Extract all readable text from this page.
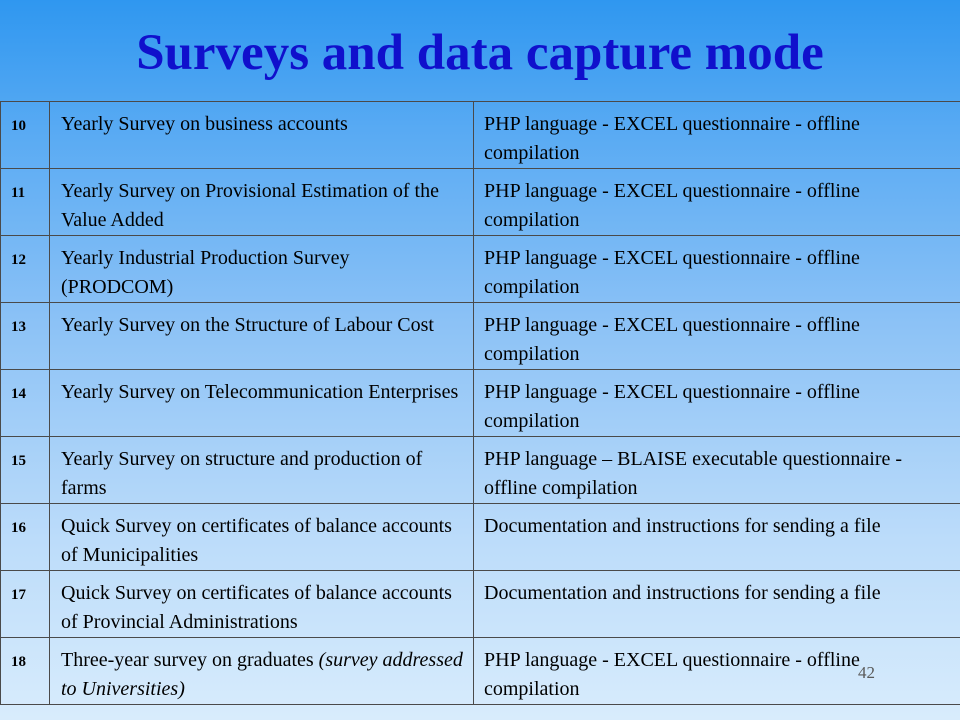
Surveys and data capture mode
10	Yearly Survey on business accounts	PHP language - EXCEL questionnaire - offline compilation
11	Yearly Survey on Provisional Estimation of the Value Added	PHP language - EXCEL questionnaire - offline compilation
12	Yearly Industrial Production Survey (PRODCOM)	PHP language - EXCEL questionnaire - offline compilation
13	Yearly Survey on the Structure of Labour Cost	PHP language - EXCEL questionnaire - offline compilation
14	Yearly Survey on Telecommunication Enterprises	PHP language - EXCEL questionnaire - offline compilation
15	Yearly Survey on structure and production of farms	PHP language – BLAISE executable questionnaire - offline compilation
16	Quick Survey on certificates of balance accounts of Municipalities	Documentation and instructions for sending a file
17	Quick Survey on certificates of balance accounts of Provincial Administrations	Documentation and instructions for sending a file
18	Three-year survey on graduates (survey addressed to Universities)	PHP language - EXCEL questionnaire - offline compilation
42
